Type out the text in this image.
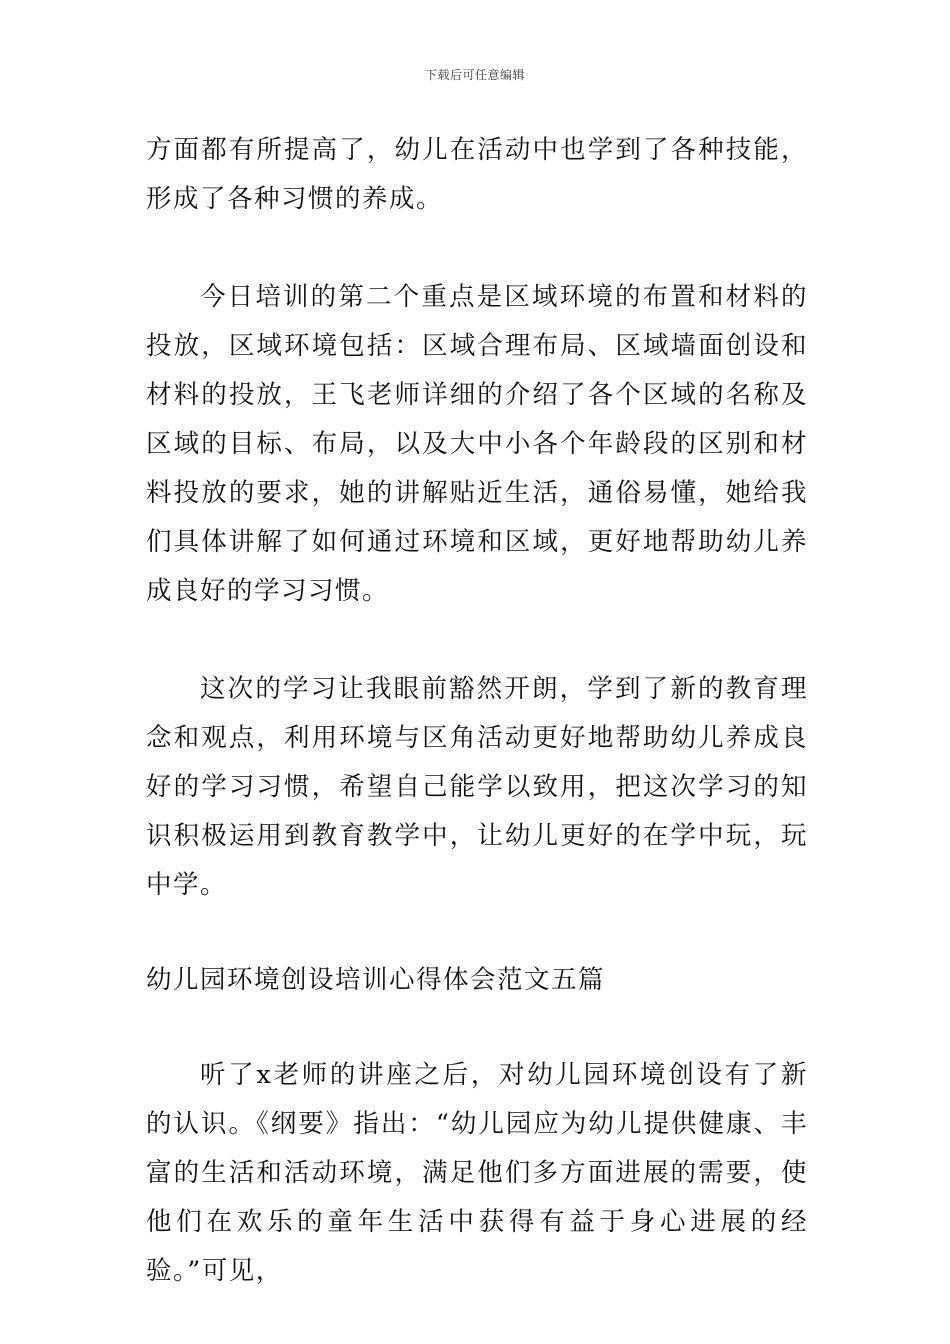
下载后可任意编辑

方面都有所提高了，幼儿在活动中也学到了各种技能，形成了各种习惯的养成。

今日培训的第二个重点是区域环境的布置和材料的投放，区域环境包括：区域合理布局、区域墙面创设和材料的投放，王飞老师详细的介绍了各个区域的名称及区域的目标、布局，以及大中小各个年龄段的区别和材料投放的要求，她的讲解贴近生活，通俗易懂，她给我们具体讲解了如何通过环境和区域，更好地帮助幼儿养成良好的学习习惯。

这次的学习让我眼前豁然开朗，学到了新的教育理念和观点，利用环境与区角活动更好地帮助幼儿养成良好的学习习惯，希望自己能学以致用，把这次学习的知识积极运用到教育教学中，让幼儿更好的在学中玩，玩中学。

幼儿园环境创设培训心得体会范文五篇

听了x老师的讲座之后，对幼儿园环境创设有了新的认识。《纲要》指出：“幼儿园应为幼儿提供健康、丰富的生活和活动环境，满足他们多方面进展的需要，使他们在欢乐的童年生活中获得有益于身心进展的经验。”可见，
